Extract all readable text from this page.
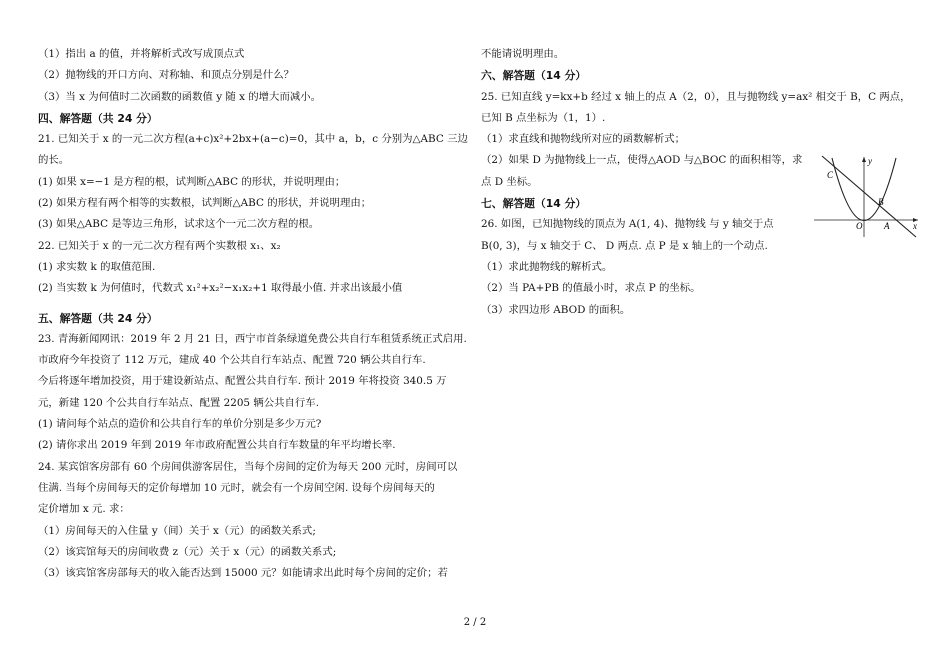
（1）指出 a 的值，并将解析式改写成顶点式
（2）抛物线的开口方向、对称轴、和顶点分别是什么？
（3）当 x 为何值时二次函数的函数值 y 随 x 的增大而减小。
四、解答题（共 24 分）
21. 已知关于 x 的一元二次方程(a+c)x²+2bx+(a−c)=0，其中 a，b，c 分别为△ABC 三边
的长。
(1) 如果 x=−1 是方程的根，试判断△ABC 的形状，并说明理由；
(2) 如果方程有两个相等的实数根，试判断△ABC 的形状，并说明理由；
(3) 如果△ABC 是等边三角形，试求这个一元二次方程的根。
22. 已知关于 x 的一元二次方程有两个实数根 x₁、x₂
(1) 求实数 k 的取值范围.
(2) 当实数 k 为何值时，代数式 x₁²+x₂²−x₁x₂+1 取得最小值. 并求出该最小值
五、解答题（共 24 分）
23. 青海新闻网讯：2019 年 2 月 21 日，西宁市首条绿道免费公共自行车租赁系统正式启用.
市政府今年投资了 112 万元，建成 40 个公共自行车站点、配置 720 辆公共自行车.
今后将逐年增加投资，用于建设新站点、配置公共自行车. 预计 2019 年将投资 340.5 万
元，新建 120 个公共自行车站点、配置 2205 辆公共自行车.
(1) 请问每个站点的造价和公共自行车的单价分别是多少万元?
(2) 请你求出 2019 年到 2019 年市政府配置公共自行车数量的年平均增长率.
24. 某宾馆客房部有 60 个房间供游客居住，当每个房间的定价为每天 200 元时，房间可以
住满. 当每个房间每天的定价每增加 10 元时，就会有一个房间空闲. 设每个房间每天的
定价增加 x 元. 求：
（1）房间每天的入住量 y（间）关于 x（元）的函数关系式;
（2）该宾馆每天的房间收费 z（元）关于 x（元）的函数关系式;
（3）该宾馆客房部每天的收入能否达到 15000 元？如能请求出此时每个房间的定价；若
不能请说明理由。
六、解答题（14 分）
25. 已知直线 y=kx+b 经过 x 轴上的点 A（2，0），且与抛物线 y=ax² 相交于 B，C 两点，
已知 B 点坐标为（1，1）.
（1）求直线和抛物线所对应的函数解析式；
（2）如果 D 为抛物线上一点，使得△AOD 与△BOC 的面积相等，求
点 D 坐标。
七、解答题（14 分）
26. 如图，已知抛物线的顶点为 A(1, 4)、抛物线 与 y 轴交于点
B(0, 3)，与 x 轴交于 C、 D 两点. 点 P 是 x 轴上的一个动点.
（1）求此抛物线的解析式。
（2）当 PA+PB 的值最小时，求点 P 的坐标。
（3）求四边形 ABOD 的面积。
y
x
O A
B
C
2 / 2
